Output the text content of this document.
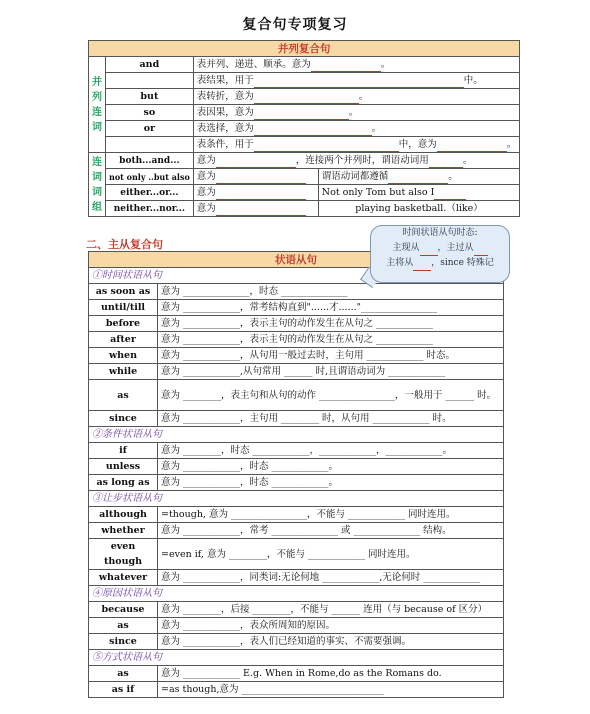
复合句专项复习
并列复合句			
并列连词	and	表并列、递进、顺承。意为 。	
		表结果，用于 中。	
	but	表转折，意为 。	
	so	表因果，意为 。	
	or	表选择，意为 。	
		表条件，用于 中，意为 。	
连词词组	both...and...	意为 ，连接两个并列时，谓语动词用 。	
	not only ..but also	意为	谓语动词都遵循 。
	either...or...	意为	Not only Tom but also I
	neither...nor...	意为	playing basketball.（like）
二、主从复合句
状语从句	
①时间状语从句	
as soon as	意为 ______________，时态 ______________
until/till	意为 ____________，常考结构直到"......才......"________________
before	意为 ____________，表示主句的动作发生在从句之 ____________
after	意为 ____________，表示主句的动作发生在从句之 ____________
when	意为 ____________，从句用一般过去时，主句用 ____________ 时态。
while	意为 ____________,从句常用 ______ 时,且谓语动词为 ____________
as	意为 ________，表主句和从句的动作 ________________，一般用于 ______ 时。
since	意为 ____________，主句用 ________ 时，从句用 ____________ 时。
②条件状语从句	
if	意为 ________，时态 ____________，____________，____________。
unless	意为 ____________，时态 ____________。
as long as	意为 ____________，时态 ____________。
③让步状语从句	
although	=though, 意为 ________________，不能与 ____________ 同时连用。
whether	意为 ____________，常考 ______________ 或 ______________ 结构。
even though	=even if, 意为 ________，不能与 ____________ 同时连用。
whatever	意为 ____________，同类词:无论何地 ____________,无论何时 ____________
④原因状语从句	
because	意为 ________，后接 ________，不能与 ______ 连用（与 because of 区分）
as	意为 ____________，表众所周知的原因。
since	意为 ____________，表人们已经知道的事实、不需要强调。
⑤方式状语从句	
as	意为 ____________ E.g. When in Rome,do as the Romans do.
as if	=as though,意为 ______________________________
时间状语从句时态:
主现从 ，主过从
主将从 ，since 特殊记
